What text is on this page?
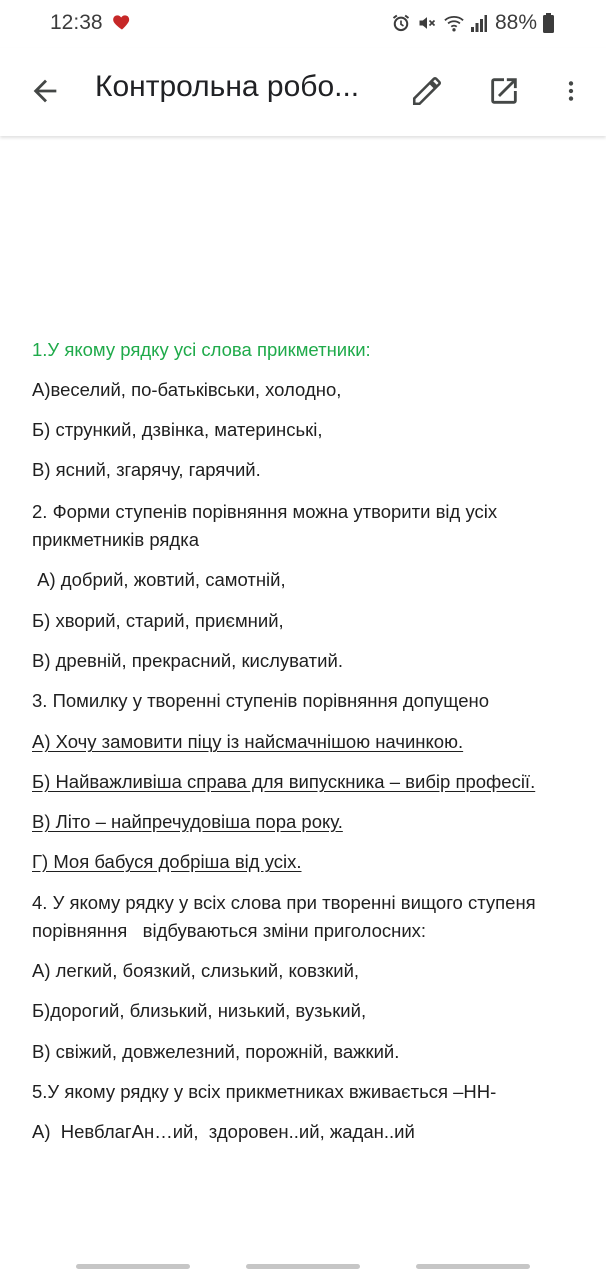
12:38	88%
Контрольна робо...
1.У якому рядку усі слова прикметники:
А)веселий, по-батьківськи, холодно,
Б) стрункий, дзвінка, материнські,
В) ясний, згарячу, гарячий.
2. Форми ступенів порівняння можна утворити від усіх
прикметників рядка
А) добрий, жовтий, самотній,
Б) хворий, старий, приємний,
В) древній, прекрасний, кислуватий.
3. Помилку у творенні ступенів порівняння допущено
А) Хочу замовити піцу із найсмачнішою начинкою.
Б) Найважливіша справа для випускника – вибір професії.
В) Літо – найпречудовіша пора року.
Г) Моя бабуся добріша від усіх.
4. У якому рядку у всіх слова при творенні вищого ступеня
порівняння   відбуваються зміни приголосних:
А) легкий, боязкий, слизький, ковзкий,
Б)дорогий, близький, низький, вузький,
В) свіжий, довжелезний, порожній, важкий.
5.У якому рядку у всіх прикметниках вживається –НН-
А)  НевблагАн…ий,  здоровен..ий, жадан..ий
